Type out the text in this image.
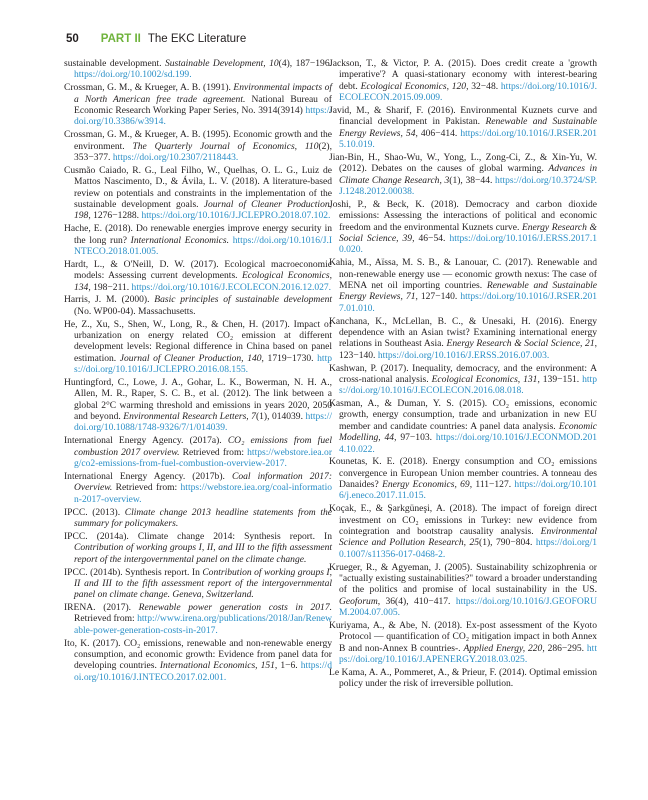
50 PART II The EKC Literature

sustainable development. Sustainable Development, 10(4), 187−196. https://doi.org/10.1002/sd.199.

Crossman, G. M., & Krueger, A. B. (1991). Environmental impacts of a North American free trade agreement. National Bureau of Economic Research Working Paper Series, No. 3914(3914) https://doi.org/10.3386/w3914.

Crossman, G. M., & Krueger, A. B. (1995). Economic growth and the environment. The Quarterly Journal of Economics, 110(2), 353−377. https://doi.org/10.2307/2118443.

Cusmão Caiado, R. G., Leal Filho, W., Quelhas, O. L. G., Luiz de Mattos Nascimento, D., & Ávila, L. V. (2018). A literature-based review on potentials and constraints in the implementation of the sustainable development goals. Journal of Cleaner Production, 198, 1276−1288. https://doi.org/10.1016/J.JCLEPRO.2018.07.102.

Hache, E. (2018). Do renewable energies improve energy security in the long run? International Economics. https://doi.org/10.1016/J.INTECO.2018.01.005.

Hardt, L., & O'Neill, D. W. (2017). Ecological macroeconomic models: Assessing current developments. Ecological Economics, 134, 198−211. https://doi.org/10.1016/J.ECOLECON.2016.12.027.

Harris, J. M. (2000). Basic principles of sustainable development (No. WP00-04). Massachusetts.

He, Z., Xu, S., Shen, W., Long, R., & Chen, H. (2017). Impact of urbanization on energy related CO₂ emission at different development levels: Regional difference in China based on panel estimation. Journal of Cleaner Production, 140, 1719−1730. https://doi.org/10.1016/J.JCLEPRO.2016.08.155.

Huntingford, C., Lowe, J. A., Gohar, L. K., Bowerman, N. H. A., Allen, M. R., Raper, S. C. B., et al. (2012). The link between a global 2°C warming threshold and emissions in years 2020, 2050 and beyond. Environmental Research Letters, 7(1), 014039. https://doi.org/10.1088/1748-9326/7/1/014039.

International Energy Agency. (2017a). CO₂ emissions from fuel combustion 2017 overview. Retrieved from: https://webstore.iea.org/co2-emissions-from-fuel-combustion-overview-2017.

International Energy Agency. (2017b). Coal information 2017: Overview. Retrieved from: https://webstore.iea.org/coal-information-2017-overview.

IPCC. (2013). Climate change 2013 headline statements from the summary for policymakers.

IPCC. (2014a). Climate change 2014: Synthesis report. In Contribution of working groups I, II, and III to the fifth assessment report of the intergovernmental panel on the climate change.

IPCC. (2014b). Synthesis report. In Contribution of working groups I, II and III to the fifth assessment report of the intergovernmental panel on climate change. Geneva, Switzerland.

IRENA. (2017). Renewable power generation costs in 2017. Retrieved from: http://www.irena.org/publications/2018/Jan/Renewable-power-generation-costs-in-2017.

Ito, K. (2017). CO₂ emissions, renewable and non-renewable energy consumption, and economic growth: Evidence from panel data for developing countries. International Economics, 151, 1−6. https://doi.org/10.1016/J.INTECO.2017.02.001.

Jackson, T., & Victor, P. A. (2015). Does credit create a 'growth imperative'? A quasi-stationary economy with interest-bearing debt. Ecological Economics, 120, 32−48. https://doi.org/10.1016/J.ECOLECON.2015.09.009.

Javid, M., & Sharif, F. (2016). Environmental Kuznets curve and financial development in Pakistan. Renewable and Sustainable Energy Reviews, 54, 406−414. https://doi.org/10.1016/J.RSER.2015.10.019.

Jian-Bin, H., Shao-Wu, W., Yong, L., Zong-Ci, Z., & Xin-Yu, W. (2012). Debates on the causes of global warming. Advances in Climate Change Research, 3(1), 38−44. https://doi.org/10.3724/SP.J.1248.2012.00038.

Joshi, P., & Beck, K. (2018). Democracy and carbon dioxide emissions: Assessing the interactions of political and economic freedom and the environmental Kuznets curve. Energy Research & Social Science, 39, 46−54. https://doi.org/10.1016/J.ERSS.2017.10.020.

Kahia, M., Aïssa, M. S. B., & Lanouar, C. (2017). Renewable and non-renewable energy use — economic growth nexus: The case of MENA net oil importing countries. Renewable and Sustainable Energy Reviews, 71, 127−140. https://doi.org/10.1016/J.RSER.2017.01.010.

Kanchana, K., McLellan, B. C., & Unesaki, H. (2016). Energy dependence with an Asian twist? Examining international energy relations in Southeast Asia. Energy Research & Social Science, 21, 123−140. https://doi.org/10.1016/J.ERSS.2016.07.003.

Kashwan, P. (2017). Inequality, democracy, and the environment: A cross-national analysis. Ecological Economics, 131, 139−151. https://doi.org/10.1016/J.ECOLECON.2016.08.018.

Kasman, A., & Duman, Y. S. (2015). CO₂ emissions, economic growth, energy consumption, trade and urbanization in new EU member and candidate countries: A panel data analysis. Economic Modelling, 44, 97−103. https://doi.org/10.1016/J.ECONMOD.2014.10.022.

Kounetas, K. E. (2018). Energy consumption and CO₂ emissions convergence in European Union member countries. A tonneau des Danaides? Energy Economics, 69, 111−127. https://doi.org/10.1016/j.eneco.2017.11.015.

Koçak, E., & Şarkgüneşi, A. (2018). The impact of foreign direct investment on CO₂ emissions in Turkey: new evidence from cointegration and bootstrap causality analysis. Environmental Science and Pollution Research, 25(1), 790−804. https://doi.org/10.1007/s11356-017-0468-2.

Krueger, R., & Agyeman, J. (2005). Sustainability schizophrenia or "actually existing sustainabilities?" toward a broader understanding of the politics and promise of local sustainability in the US. Geoforum, 36(4), 410−417. https://doi.org/10.1016/J.GEOFORUM.2004.07.005.

Kuriyama, A., & Abe, N. (2018). Ex-post assessment of the Kyoto Protocol — quantification of CO₂ mitigation impact in both Annex B and non-Annex B countries-. Applied Energy, 220, 286−295. https://doi.org/10.1016/J.APENERGY.2018.03.025.

Le Kama, A. A., Pommeret, A., & Prieur, F. (2014). Optimal emission policy under the risk of irreversible pollution.
